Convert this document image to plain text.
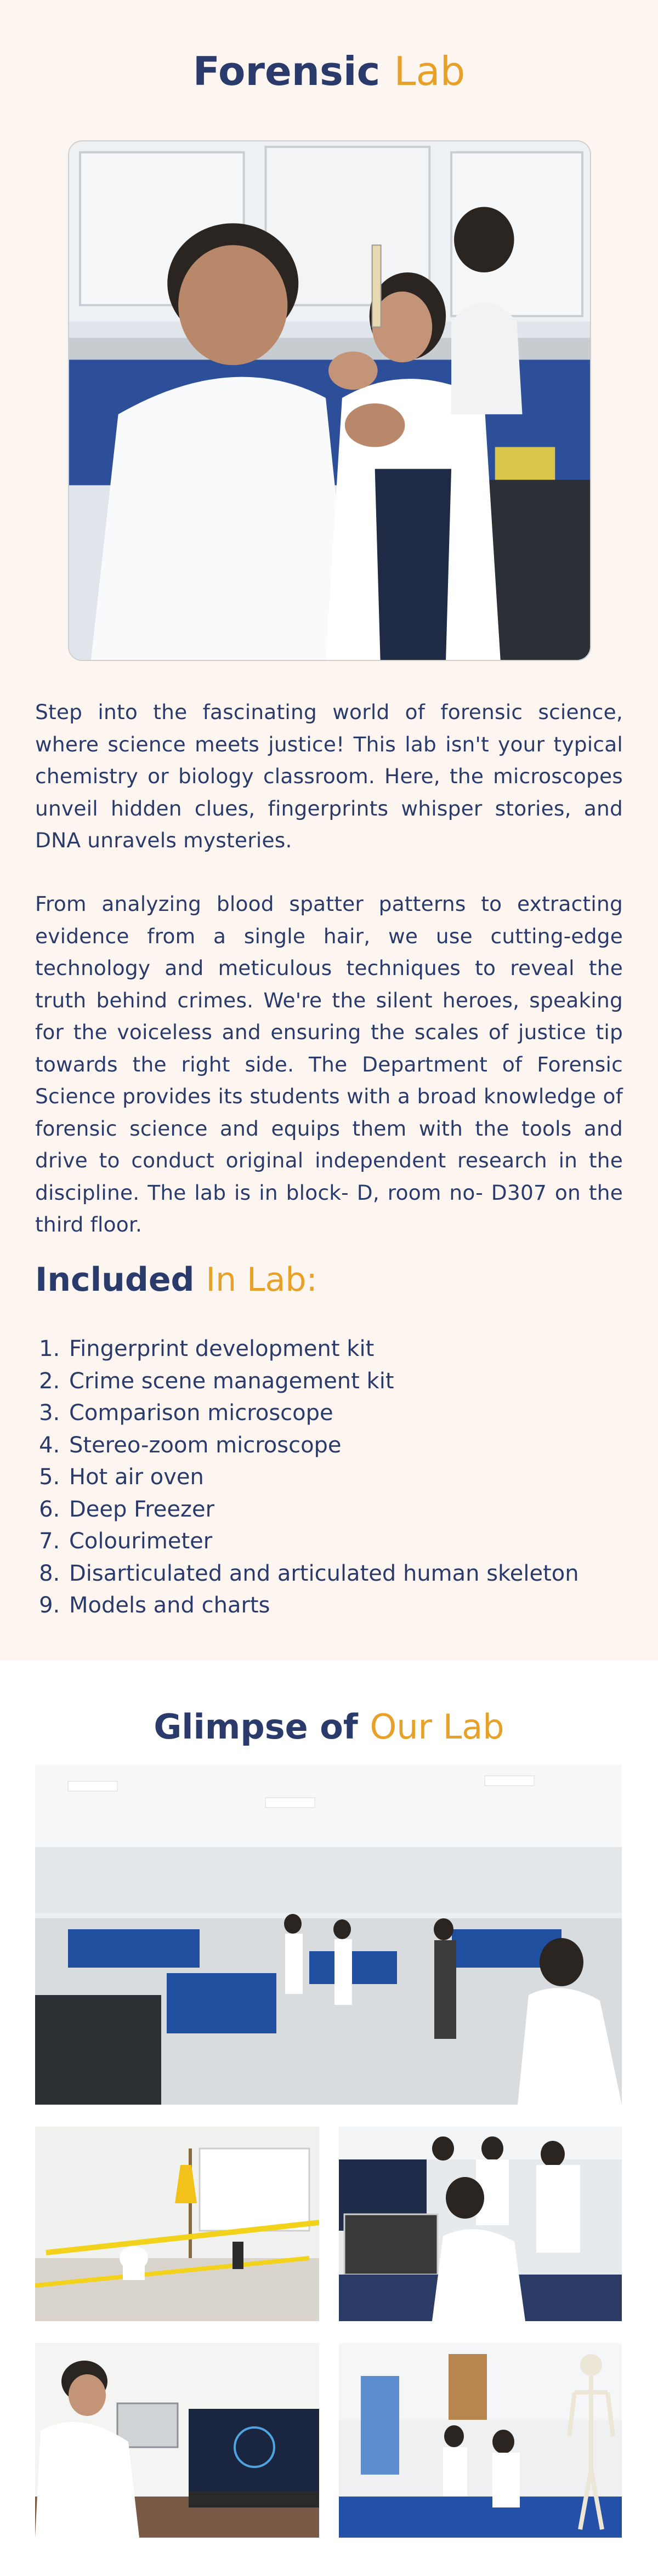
Forensic Lab

Step into the fascinating world of forensic science, where science meets justice! This lab isn't your typical chemistry or biology classroom. Here, the microscopes unveil hidden clues, fingerprints whisper stories, and DNA unravels mysteries.

From analyzing blood spatter patterns to extracting evidence from a single hair, we use cutting-edge technology and meticulous techniques to reveal the truth behind crimes. We're the silent heroes, speaking for the voiceless and ensuring the scales of justice tip towards the right side. The Department of Forensic Science provides its students with a broad knowledge of forensic science and equips them with the tools and drive to conduct original independent research in the discipline. The lab is in block- D, room no- D307 on the third floor.

Included In Lab:
1. Fingerprint development kit
2. Crime scene management kit
3. Comparison microscope
4. Stereo-zoom microscope
5. Hot air oven
6. Deep Freezer
7. Colourimeter
8. Disarticulated and articulated human skeleton
9. Models and charts
Glimpse of Our Lab
